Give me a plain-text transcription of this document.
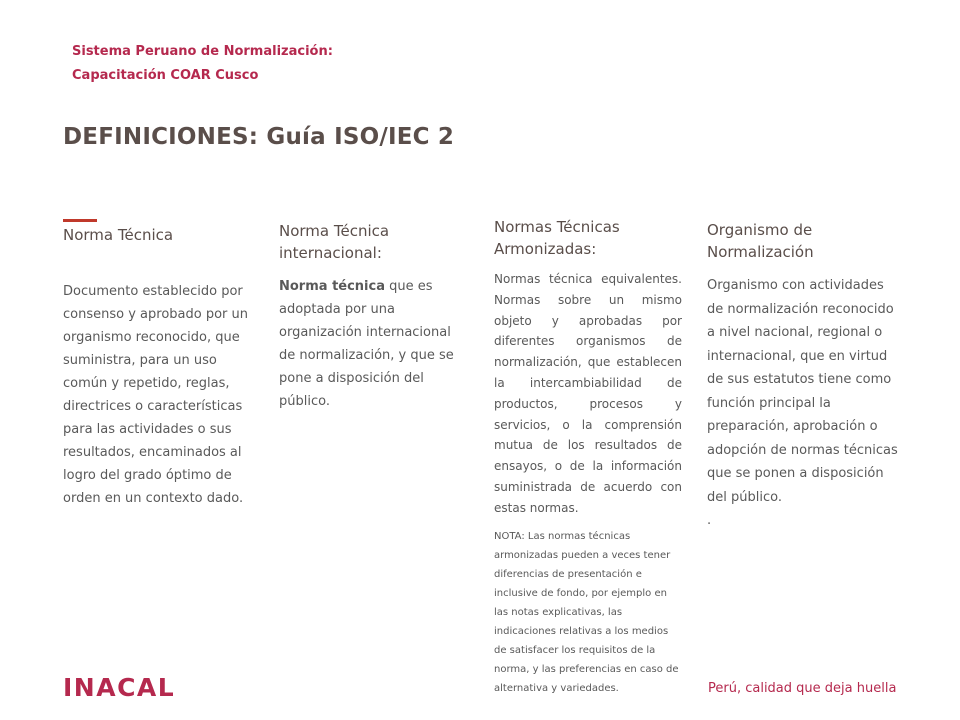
Sistema Peruano de Normalización:
Capacitación COAR Cusco
DEFINICIONES: Guía ISO/IEC 2
Norma Técnica
Documento establecido por consenso y aprobado por un organismo reconocido, que suministra, para un uso común y repetido, reglas, directrices o características para las actividades o sus resultados, encaminados al logro del grado óptimo de orden en un contexto dado.
Norma Técnica internacional:
Norma técnica que es adoptada por una organización internacional de normalización, y que se pone a disposición del público.
Normas Técnicas Armonizadas:
Normas técnica equivalentes. Normas sobre un mismo objeto y aprobadas por diferentes organismos de normalización, que establecen la intercambiabilidad de productos, procesos y servicios, o la comprensión mutua de los resultados de ensayos, o de la información suministrada de acuerdo con estas normas.
NOTA: Las normas técnicas armonizadas pueden a veces tener diferencias de presentación e inclusive de fondo, por ejemplo en las notas explicativas, las indicaciones relativas a los medios de satisfacer los requisitos de la norma, y las preferencias en caso de alternativa y variedades.
Organismo de Normalización
Organismo con actividades de normalización reconocido a nivel nacional, regional o internacional, que en virtud de sus estatutos tiene como función principal la preparación, aprobación o adopción de normas técnicas que se ponen a disposición del público.
.
INACAL	Perú, calidad que deja huella
